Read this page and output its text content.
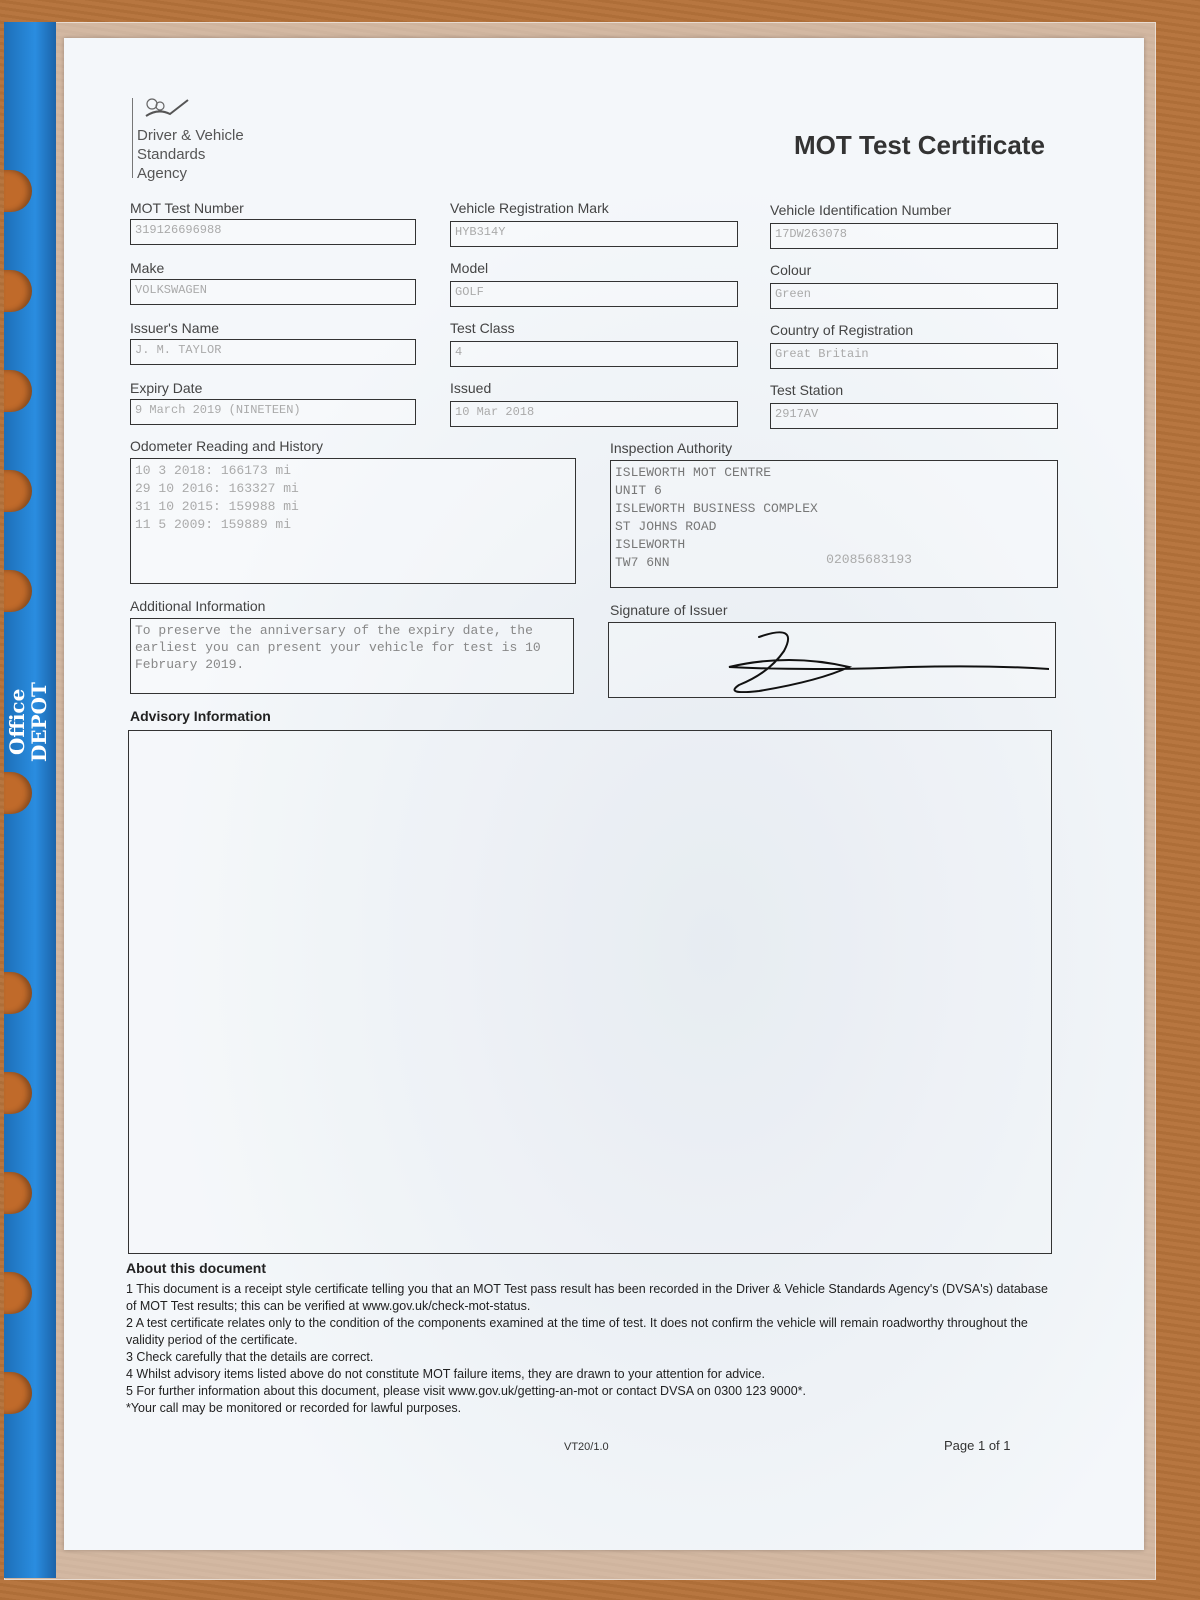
Office
DEPOT
Driver & Vehicle
Standards
Agency
MOT Test Certificate
MOT Test Number
319126696988
Vehicle Registration Mark
HYB314Y
Vehicle Identification Number
17DW263078
Make
VOLKSWAGEN
Model
GOLF
Colour
Green
Issuer's Name
J. M. TAYLOR
Test Class
4
Country of Registration
Great Britain
Expiry Date
9 March 2019 (NINETEEN)
Issued
10 Mar 2018
Test Station
2917AV
Odometer Reading and History
10 3 2018: 166173 mi
29 10 2016: 163327 mi
31 10 2015: 159988 mi
11 5 2009: 159889 mi
Inspection Authority
ISLEWORTH MOT CENTRE
UNIT 6
ISLEWORTH BUSINESS COMPLEX
ST JOHNS ROAD
ISLEWORTH
TW7 6NN	02085683193
Additional Information
To preserve the anniversary of the expiry date, the earliest you can present your vehicle for test is 10 February 2019.
Signature of Issuer
Advisory Information
About this document

1 This document is a receipt style certificate telling you that an MOT Test pass result has been recorded in the Driver & Vehicle Standards Agency's (DVSA's) database of MOT Test results; this can be verified at www.gov.uk/check-mot-status.

2 A test certificate relates only to the condition of the components examined at the time of test. It does not confirm the vehicle will remain roadworthy throughout the validity period of the certificate.

3 Check carefully that the details are correct.

4 Whilst advisory items listed above do not constitute MOT failure items, they are drawn to your attention for advice.

5 For further information about this document, please visit www.gov.uk/getting-an-mot or contact DVSA on 0300 123 9000*.

*Your call may be monitored or recorded for lawful purposes.

VT20/1.0	Page 1 of 1
